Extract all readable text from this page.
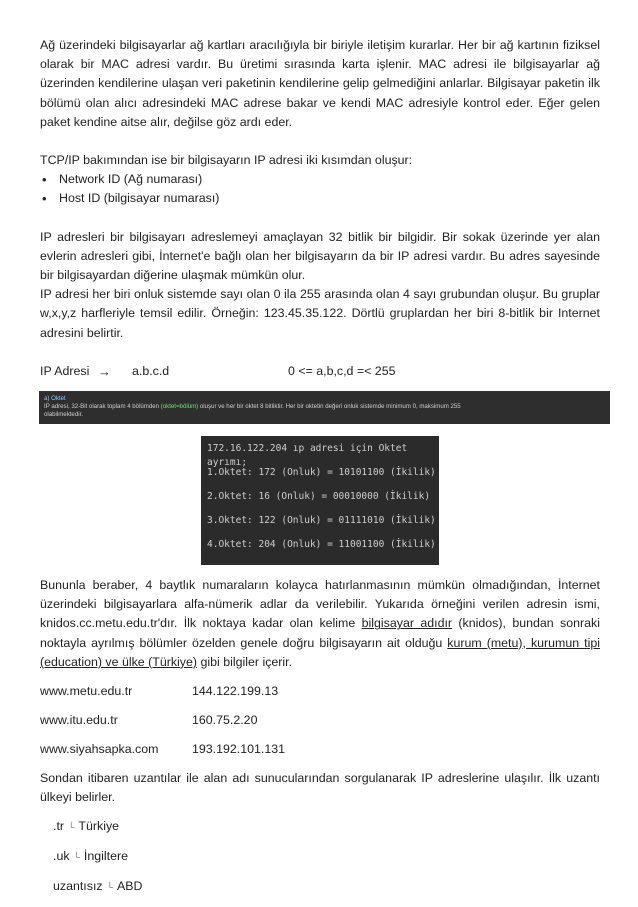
Ağ üzerindeki bilgisayarlar ağ kartları aracılığıyla bir biriyle iletişim kurarlar. Her bir ağ kartının fiziksel olarak bir MAC adresi vardır. Bu üretimi sırasında karta işlenir. MAC adresi ile bilgisayarlar ağ üzerinden kendilerine ulaşan veri paketinin kendilerine gelip gelmediğini anlarlar. Bilgisayar paketin ilk bölümü olan alıcı adresindeki MAC adrese bakar ve kendi MAC adresiyle kontrol eder. Eğer gelen paket kendine aitse alır, değilse göz ardı eder.

TCP/IP bakımından ise bir bilgisayarın IP adresi iki kısımdan oluşur:

• Network ID (Ağ numarası)
• Host ID (bilgisayar numarası)

IP adresleri bir bilgisayarı adreslemeyi amaçlayan 32 bitlik bir bilgidir. Bir sokak üzerinde yer alan evlerin adresleri gibi, İnternet'e bağlı olan her bilgisayarın da bir IP adresi vardır. Bu adres sayesinde bir bilgisayardan diğerine ulaşmak mümkün olur.

IP adresi her biri onluk sistemde sayı olan 0 ila 255 arasında olan 4 sayı grubundan oluşur. Bu gruplar w,x,y,z harfleriyle temsil edilir. Örneğin: 123.45.35.122. Dörtlü gruplardan her biri 8-bitlik bir Internet adresini belirtir.

IP Adresi →	a.b.c.d	0 <= a,b,c,d =< 255
a) Oktet
IP adresi, 32-Bit olarak toplam 4 bölümden (oktet=bölüm) oluşur ve her bir oktet 8 bitliktir. Her bir oktetin değeri onluk sistemde minimum 0, maksimum 255
olabilmektedir.
172.16.122.204 ıp adresi için Oktet ayrımı;
1.Oktet: 172 (Onluk) = 10101100 (İkilik)
2.Oktet: 16 (Onluk) = 00010000 (İkilik)
3.Oktet: 122 (Onluk) = 01111010 (İkilik)
4.Oktet: 204 (Onluk) = 11001100 (İkilik)

Bununla beraber, 4 baytlık numaraların kolayca hatırlanmasının mümkün olmadığından, İnternet üzerindeki bilgisayarlara alfa-nümerik adlar da verilebilir. Yukarıda örneğini verilen adresin ismi, knidos.cc.metu.edu.tr'dır. İlk noktaya kadar olan kelime bilgisayar adıdır (knidos), bundan sonraki noktayla ayrılmış bölümler özelden genele doğru bilgisayarın ait olduğu kurum (metu), kurumun tipi (education) ve ülke (Türkiye) gibi bilgiler içerir.

www.metu.edu.tr	144.122.199.13
www.itu.edu.tr	160.75.2.20
www.siyahsapka.com	193.192.101.131

Sondan itibaren uzantılar ile alan adı sunucularından sorgulanarak IP adreslerine ulaşılır. İlk uzantı ülkeyi belirler.

.tr └ Türkiye
.uk └ İngiltere
uzantısız └ ABD
